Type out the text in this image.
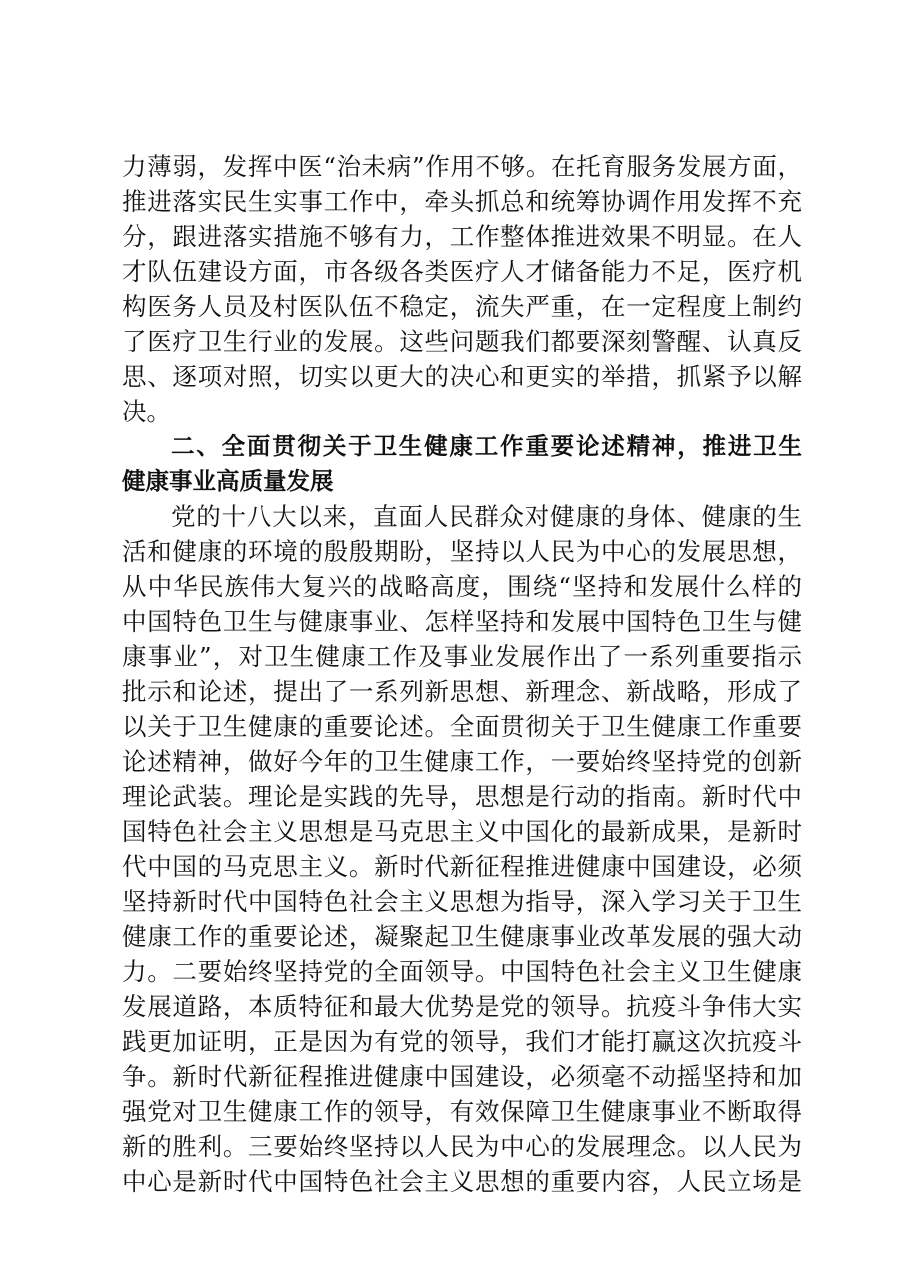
力薄弱，发挥中医“治未病”作用不够。在托育服务发展方面，
推进落实民生实事工作中，牵头抓总和统筹协调作用发挥不充
分，跟进落实措施不够有力，工作整体推进效果不明显。在人
才队伍建设方面，市各级各类医疗人才储备能力不足，医疗机
构医务人员及村医队伍不稳定，流失严重，在一定程度上制约
了医疗卫生行业的发展。这些问题我们都要深刻警醒、认真反
思、逐项对照，切实以更大的决心和更实的举措，抓紧予以解
决。
二、全面贯彻关于卫生健康工作重要论述精神，推进卫生
健康事业高质量发展
党的十八大以来，直面人民群众对健康的身体、健康的生
活和健康的环境的殷殷期盼，坚持以人民为中心的发展思想，
从中华民族伟大复兴的战略高度，围绕“坚持和发展什么样的
中国特色卫生与健康事业、怎样坚持和发展中国特色卫生与健
康事业”，对卫生健康工作及事业发展作出了一系列重要指示
批示和论述，提出了一系列新思想、新理念、新战略，形成了
以关于卫生健康的重要论述。全面贯彻关于卫生健康工作重要
论述精神，做好今年的卫生健康工作，一要始终坚持党的创新
理论武装。理论是实践的先导，思想是行动的指南。新时代中
国特色社会主义思想是马克思主义中国化的最新成果，是新时
代中国的马克思主义。新时代新征程推进健康中国建设，必须
坚持新时代中国特色社会主义思想为指导，深入学习关于卫生
健康工作的重要论述，凝聚起卫生健康事业改革发展的强大动
力。二要始终坚持党的全面领导。中国特色社会主义卫生健康
发展道路，本质特征和最大优势是党的领导。抗疫斗争伟大实
践更加证明，正是因为有党的领导，我们才能打赢这次抗疫斗
争。新时代新征程推进健康中国建设，必须毫不动摇坚持和加
强党对卫生健康工作的领导，有效保障卫生健康事业不断取得
新的胜利。三要始终坚持以人民为中心的发展理念。以人民为
中心是新时代中国特色社会主义思想的重要内容，人民立场是
